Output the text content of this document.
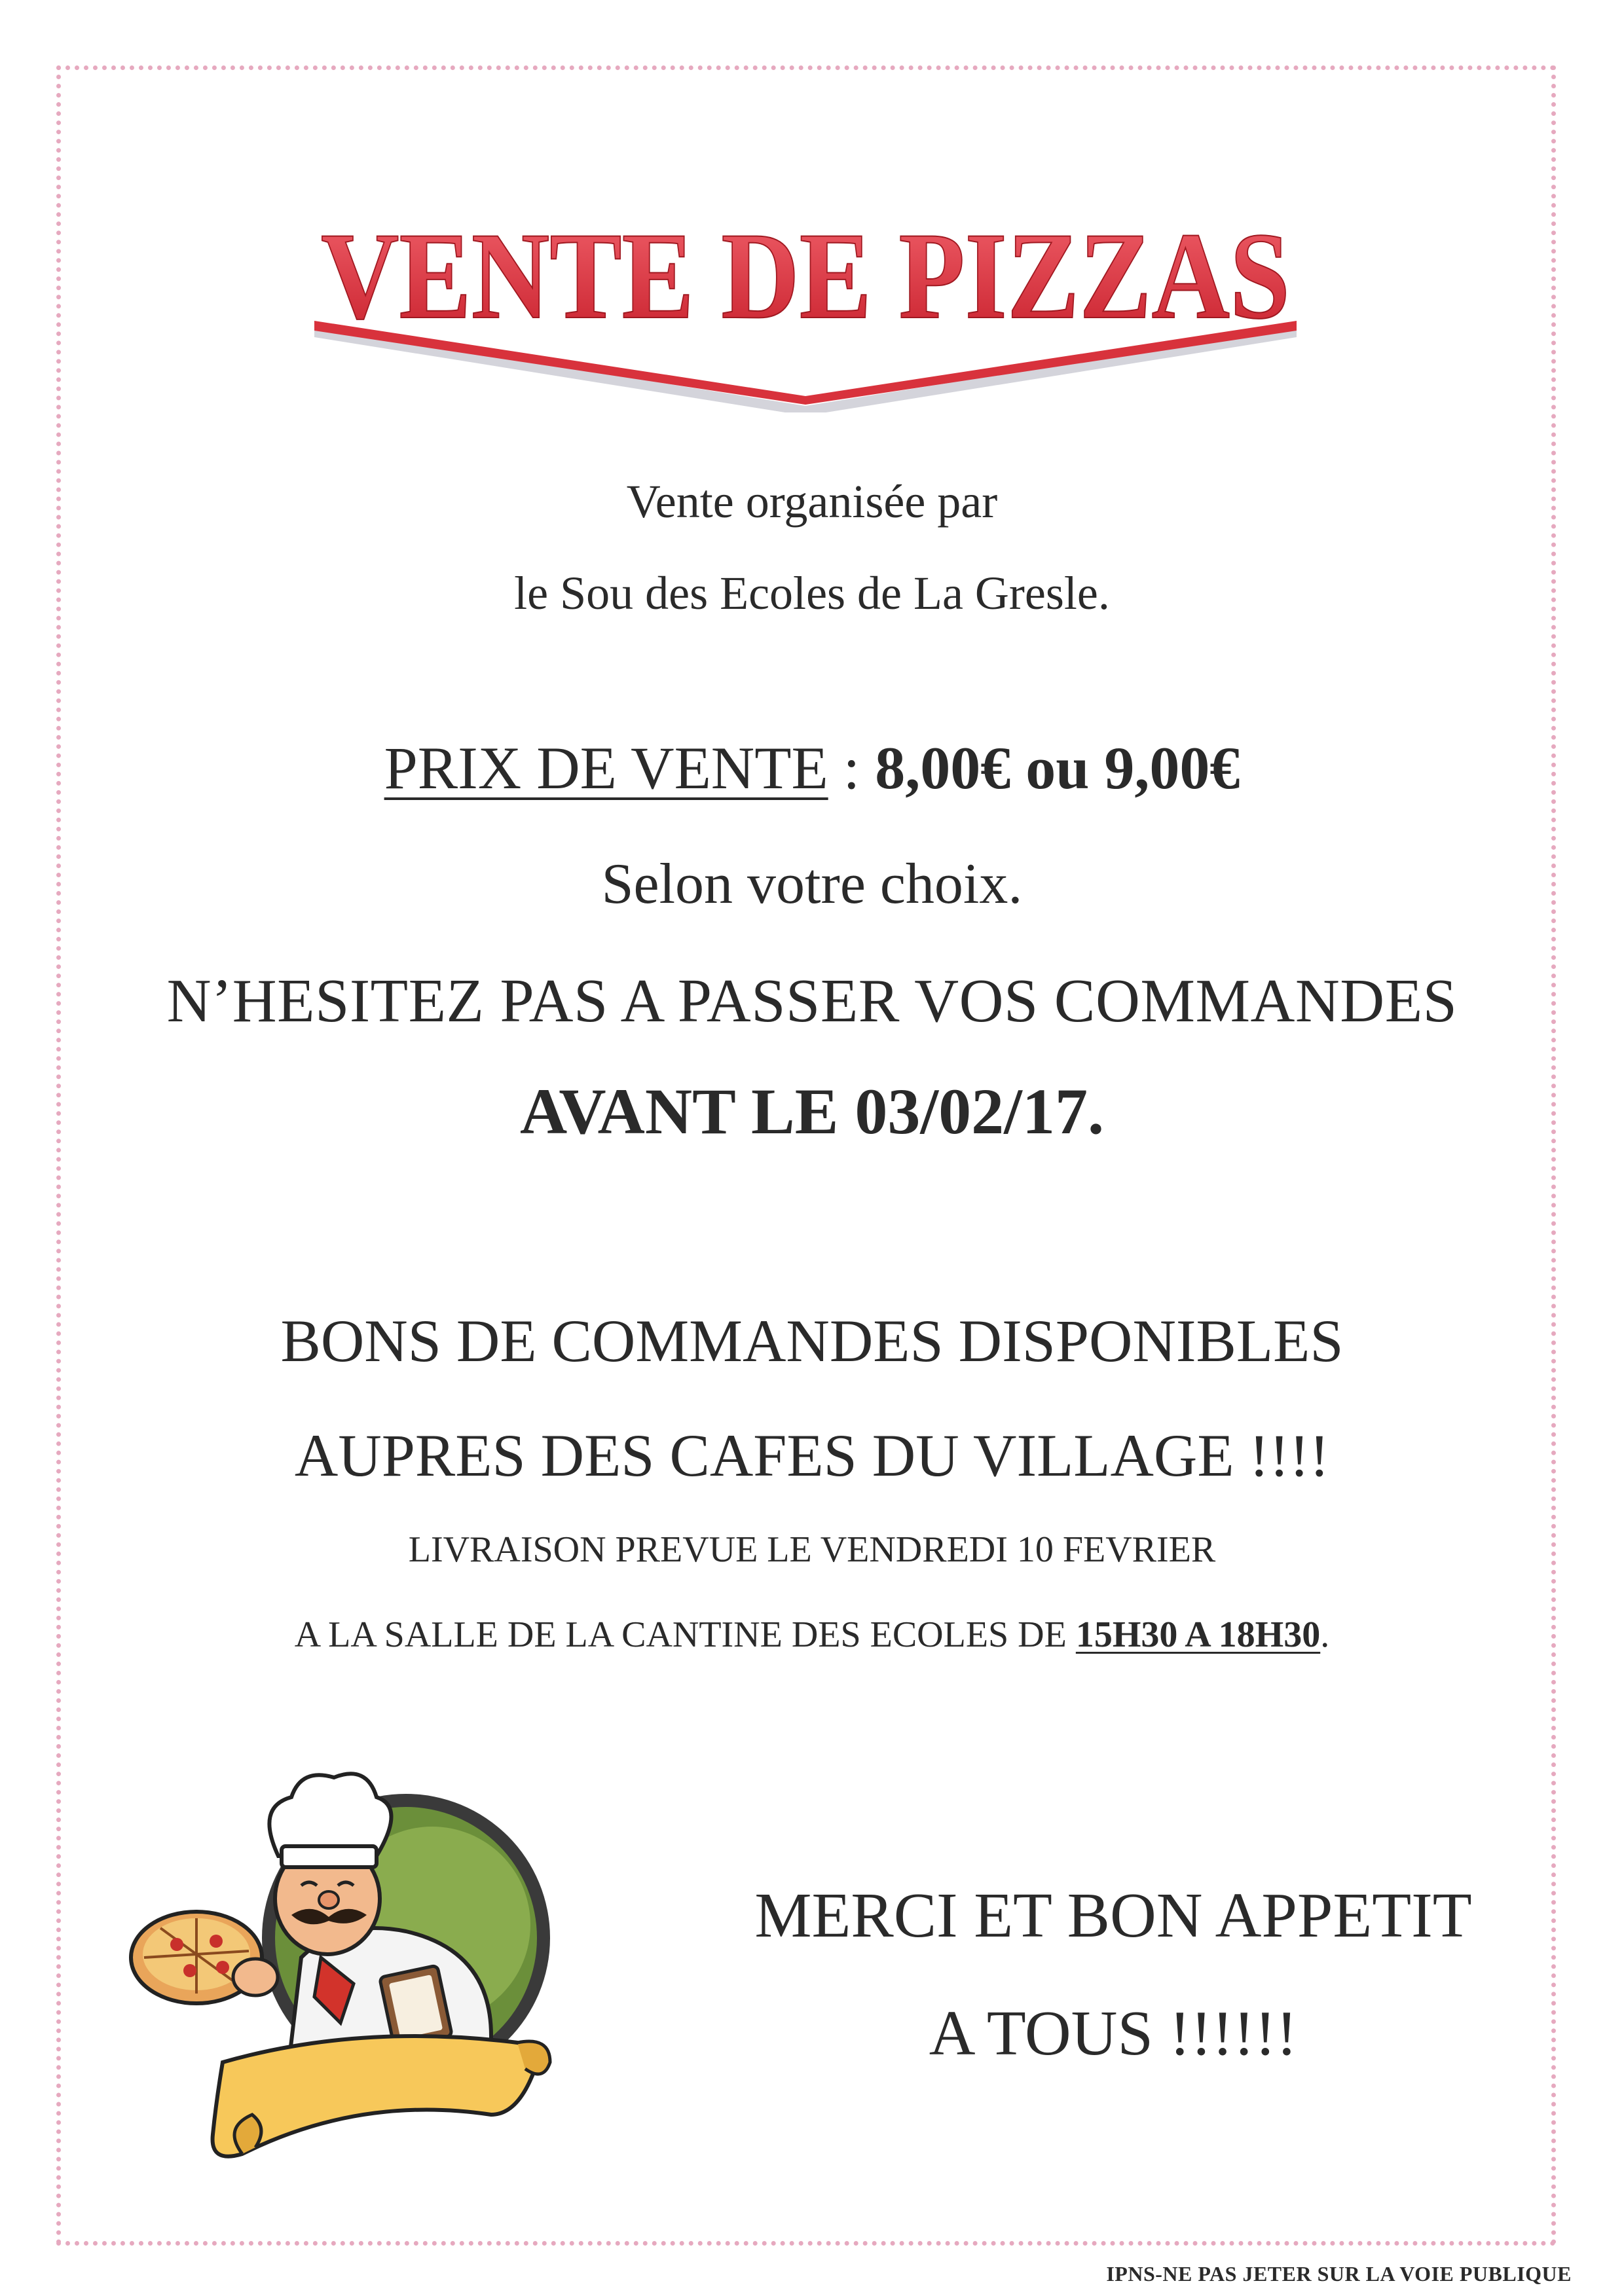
VENTE DE PIZZAS
Vente organisée par
le Sou des Ecoles de La Gresle.
PRIX DE VENTE : 8,00€ ou 9,00€
Selon votre choix.
N’HESITEZ PAS A PASSER VOS COMMANDES
AVANT LE 03/02/17.
BONS DE COMMANDES DISPONIBLES
AUPRES DES CAFES DU VILLAGE !!!!
LIVRAISON PREVUE LE VENDREDI 10 FEVRIER
A LA SALLE DE LA CANTINE DES ECOLES DE 15H30 A 18H30.
MERCI ET BON APPETIT
A TOUS !!!!!!
IPNS-NE PAS JETER SUR LA VOIE PUBLIQUE
